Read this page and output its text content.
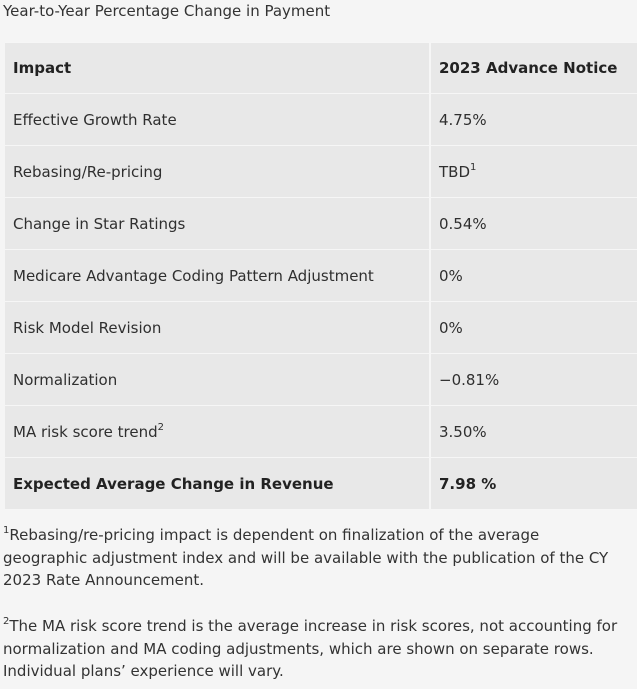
Year-to-Year Percentage Change in Payment
Impact	2023 Advance Notice
Effective Growth Rate	4.75%
Rebasing/Re-pricing	TBD$^1$
Change in Star Ratings	0.54%
Medicare Advantage Coding Pattern Adjustment	0%
Risk Model Revision	0%
Normalization	−0.81%
MA risk score trend$^2$	3.50%
Expected Average Change in Revenue	7.98 %
$^1$Rebasing/re-pricing impact is dependent on finalization of the average geographic adjustment index and will be available with the publication of the CY 2023 Rate Announcement.
$^2$The MA risk score trend is the average increase in risk scores, not accounting for normalization and MA coding adjustments, which are shown on separate rows. Individual plans’ experience will vary.
